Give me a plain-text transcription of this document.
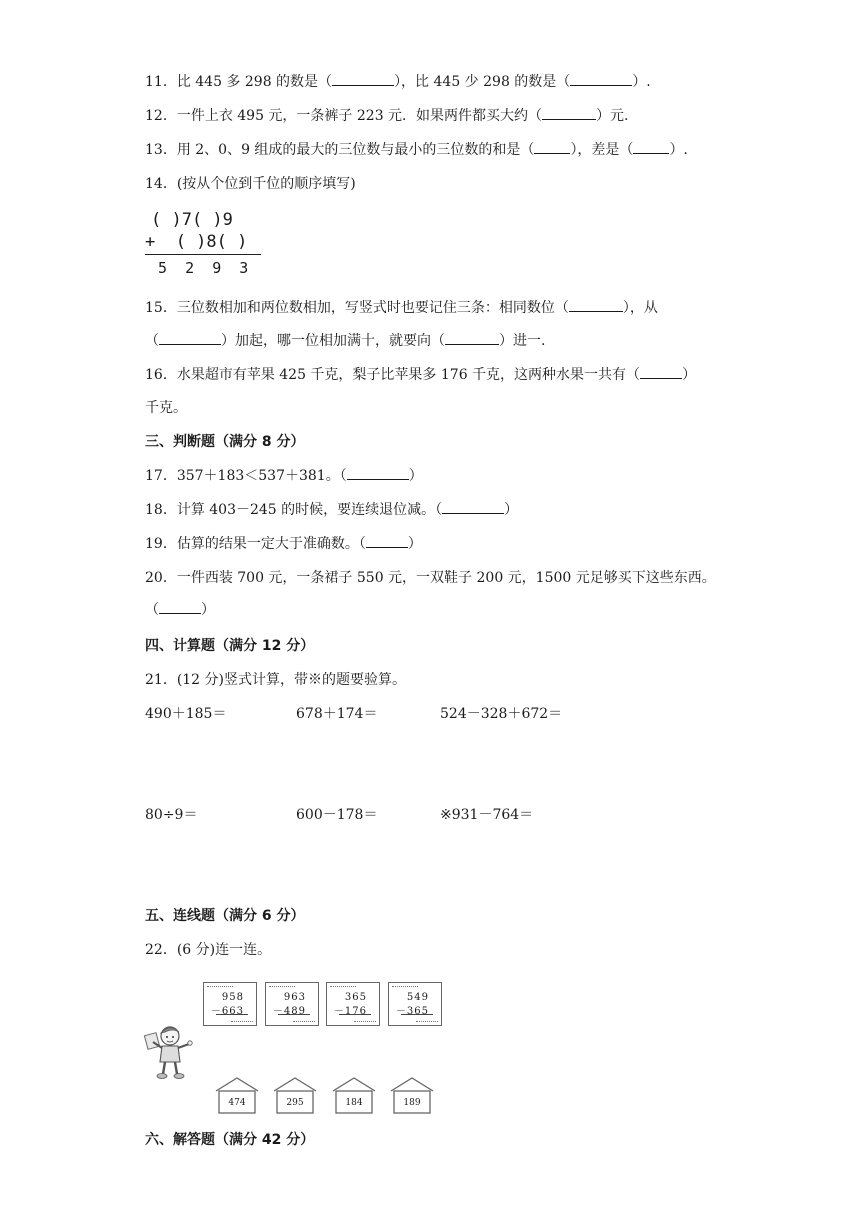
11．比 445 多 298 的数是（	），比 445 少 298 的数是（	）.
12．一件上衣 495 元，一条裤子 223 元．如果两件都买大约（	）元.
13．用 2、0、9 组成的最大的三位数与最小的三位数的和是（	），差是（	）.
14．(按从个位到千位的顺序填写)
( )7( )9
+  ( )8( )
5  2  9  3
15．三位数相加和两位数相加，写竖式时也要记住三条：相同数位（	），从
（	）加起，哪一位相加满十，就要向（	）进一.
16．水果超市有苹果 425 千克，梨子比苹果多 176 千克，这两种水果一共有（	）
千克。
三、判断题（满分 8 分）
17．357＋183＜537＋381。（	）
18．计算 403－245 的时候，要连续退位减。（	）
19．估算的结果一定大于准确数。（	）
20．一件西装 700 元，一条裙子 550 元，一双鞋子 200 元，1500 元足够买下这些东西。
（	）
四、计算题（满分 12 分）
21．(12 分)竖式计算，带※的题要验算。
490＋185＝	678＋174＝	524－328＋672＝
80÷9＝	600－178＝	※931－764＝
五、连线题（满分 6 分）
22．(6 分)连一连。
958
－663
963
－489
365
－176
549
－365
474	295	184	189
六、解答题（满分 42 分）
